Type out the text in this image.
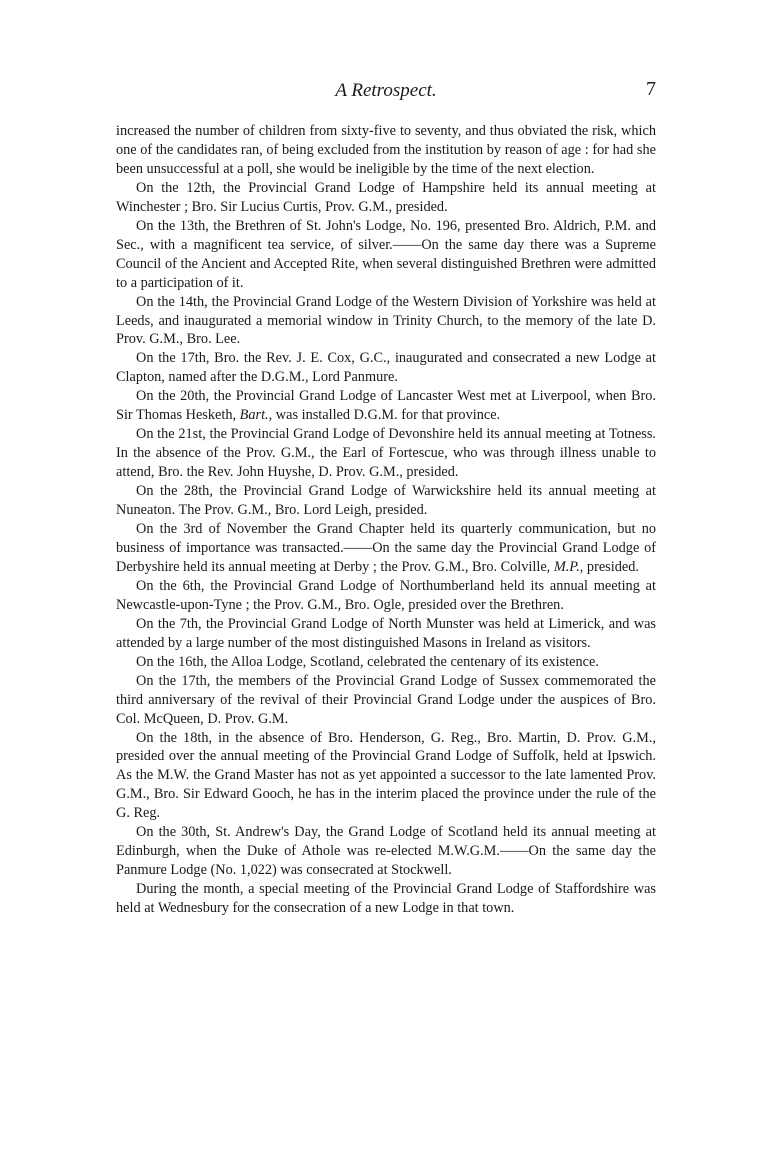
A Retrospect.	7

increased the number of children from sixty-five to seventy, and thus obviated the risk, which one of the candidates ran, of being excluded from the institution by reason of age : for had she been unsuccessful at a poll, she would be ineligible by the time of the next election.

On the 12th, the Provincial Grand Lodge of Hampshire held its annual meeting at Winchester ; Bro. Sir Lucius Curtis, Prov. G.M., presided.

On the 13th, the Brethren of St. John's Lodge, No. 196, presented Bro. Aldrich, P.M. and Sec., with a magnificent tea service, of silver.——On the same day there was a Supreme Council of the Ancient and Accepted Rite, when several distinguished Brethren were admitted to a participation of it.

On the 14th, the Provincial Grand Lodge of the Western Division of Yorkshire was held at Leeds, and inaugurated a memorial window in Trinity Church, to the memory of the late D. Prov. G.M., Bro. Lee.

On the 17th, Bro. the Rev. J. E. Cox, G.C., inaugurated and consecrated a new Lodge at Clapton, named after the D.G.M., Lord Panmure.

On the 20th, the Provincial Grand Lodge of Lancaster West met at Liverpool, when Bro. Sir Thomas Hesketh, Bart., was installed D.G.M. for that province.

On the 21st, the Provincial Grand Lodge of Devonshire held its annual meeting at Totness. In the absence of the Prov. G.M., the Earl of Fortescue, who was through illness unable to attend, Bro. the Rev. John Huyshe, D. Prov. G.M., presided.

On the 28th, the Provincial Grand Lodge of Warwickshire held its annual meeting at Nuneaton. The Prov. G.M., Bro. Lord Leigh, presided.

On the 3rd of November the Grand Chapter held its quarterly communication, but no business of importance was transacted.——On the same day the Provincial Grand Lodge of Derbyshire held its annual meeting at Derby ; the Prov. G.M., Bro. Colville, M.P., presided.

On the 6th, the Provincial Grand Lodge of Northumberland held its annual meeting at Newcastle-upon-Tyne ; the Prov. G.M., Bro. Ogle, presided over the Brethren.

On the 7th, the Provincial Grand Lodge of North Munster was held at Limerick, and was attended by a large number of the most distinguished Masons in Ireland as visitors.

On the 16th, the Alloa Lodge, Scotland, celebrated the centenary of its existence.

On the 17th, the members of the Provincial Grand Lodge of Sussex commemorated the third anniversary of the revival of their Provincial Grand Lodge under the auspices of Bro. Col. McQueen, D. Prov. G.M.

On the 18th, in the absence of Bro. Henderson, G. Reg., Bro. Martin, D. Prov. G.M., presided over the annual meeting of the Provincial Grand Lodge of Suffolk, held at Ipswich. As the M.W. the Grand Master has not as yet appointed a successor to the late lamented Prov. G.M., Bro. Sir Edward Gooch, he has in the interim placed the province under the rule of the G. Reg.

On the 30th, St. Andrew's Day, the Grand Lodge of Scotland held its annual meeting at Edinburgh, when the Duke of Athole was re-elected M.W.G.M.——On the same day the Panmure Lodge (No. 1,022) was consecrated at Stockwell.

During the month, a special meeting of the Provincial Grand Lodge of Staffordshire was held at Wednesbury for the consecration of a new Lodge in that town.
